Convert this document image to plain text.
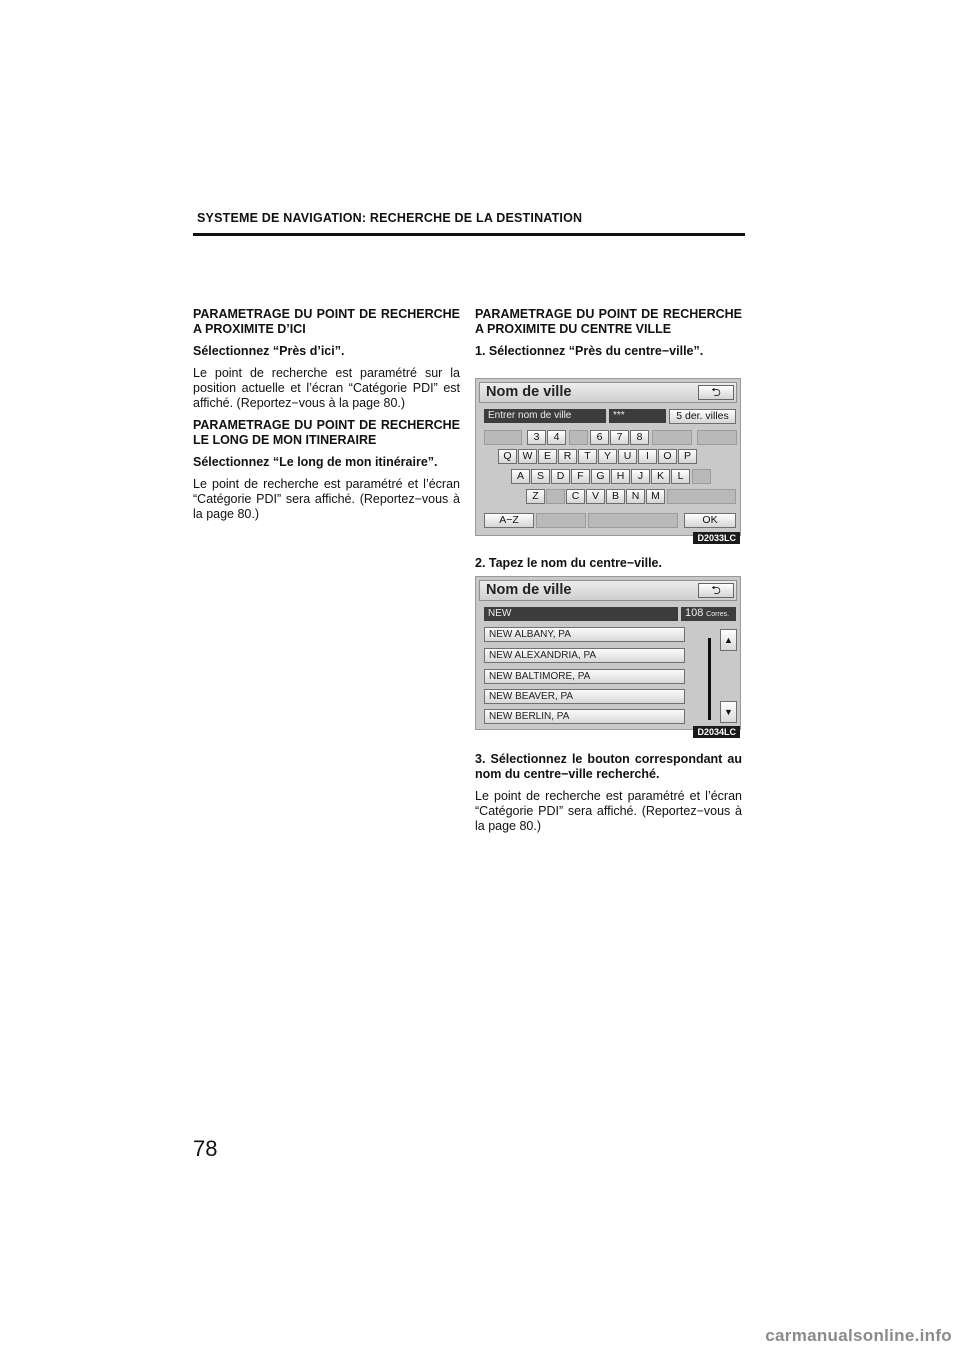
SYSTEME DE NAVIGATION: RECHERCHE DE LA DESTINATION
PARAMETRAGE DU POINT DE RECHERCHE A PROXIMITE D’ICI
Sélectionnez “Près d’ici”.
Le point de recherche est paramétré sur la position actuelle et l’écran “Catégorie PDI” est affiché. (Reportez−vous à la page 80.)
PARAMETRAGE DU POINT DE RECHERCHE LE LONG DE MON ITINERAIRE
Sélectionnez “Le long de mon itinéraire”.
Le point de recherche est paramétré et l’écran “Catégorie PDI” sera affiché. (Reportez−vous à la page 80.)
PARAMETRAGE DU POINT DE RECHERCHE A PROXIMITE DU CENTRE VILLE
1. Sélectionnez “Près du centre−ville”.
Nom de ville	⮌
Entrer nom de ville	***	5 der. villes
3	4	6	7	8
Q	W	E	R	T	Y	U	I	O	P
A	S	D	F	G	H	J	K	L
Z	C	V	B	N	M
A−Z	OK
D2033LC
2. Tapez le nom du centre−ville.
Nom de ville	⮌
NEW	108 Corres.
NEW ALBANY, PA
NEW ALEXANDRIA, PA
NEW BALTIMORE, PA
NEW BEAVER, PA
NEW BERLIN, PA
▲
▼
D2034LC
3. Sélectionnez le bouton correspondant au nom du centre−ville recherché.
Le point de recherche est paramétré et l’écran “Catégorie PDI” sera affiché. (Reportez−vous à la page 80.)
78
carmanualsonline.info
